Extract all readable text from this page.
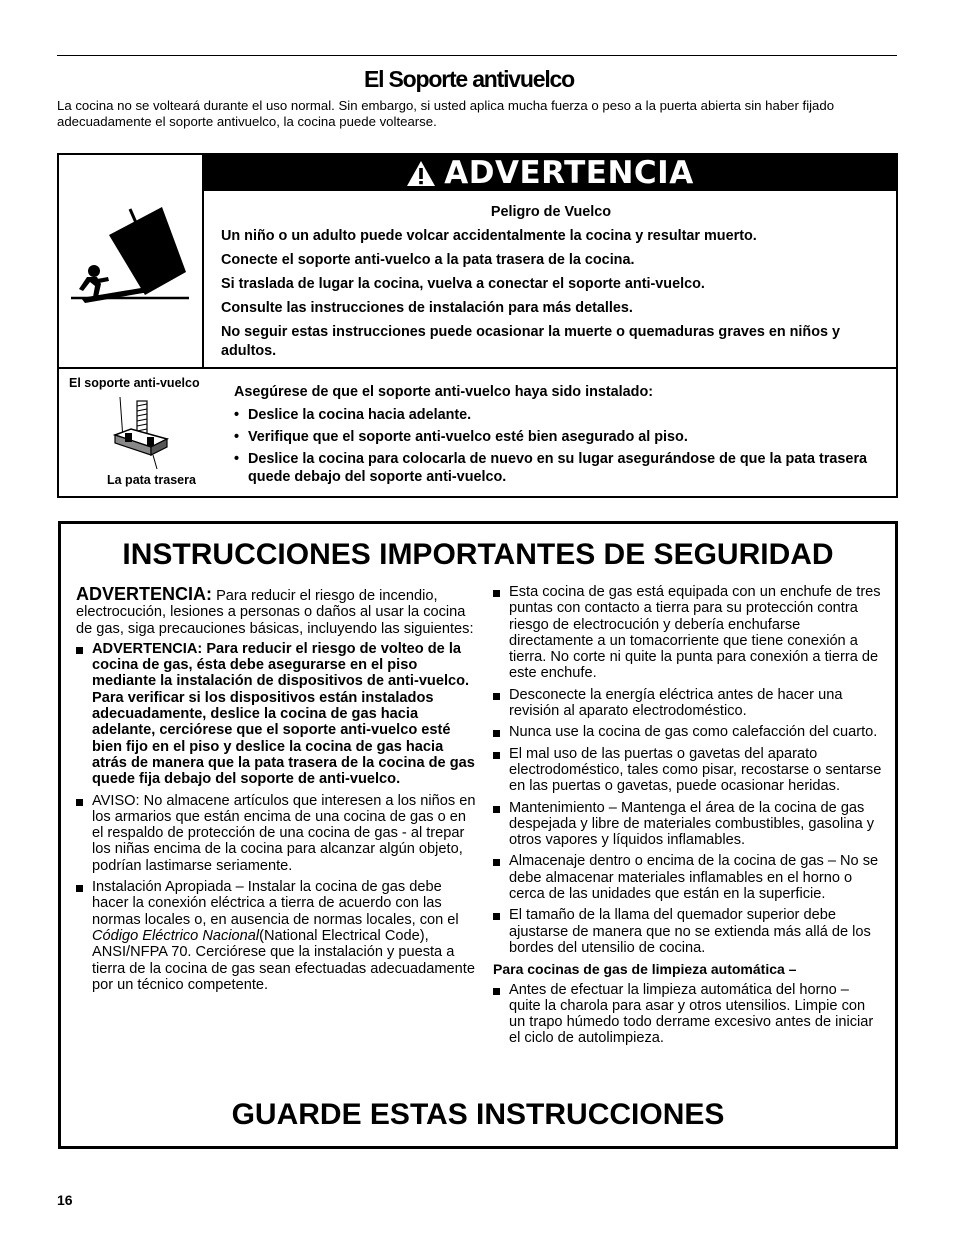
El Soporte antivuelco

La cocina no se volteará durante el uso normal. Sin embargo, si usted aplica mucha fuerza o peso a la puerta abierta sin haber fijado adecuadamente el soporte antivuelco, la cocina puede voltearse.

ADVERTENCIA

Peligro de Vuelco

Un niño o un adulto puede volcar accidentalmente la cocina y resultar muerto.

Conecte el soporte anti-vuelco a la pata trasera de la cocina.

Si traslada de lugar la cocina, vuelva a conectar el soporte anti-vuelco.

Consulte las instrucciones de instalación para más detalles.

No seguir estas instrucciones puede ocasionar la muerte o quemaduras graves en niños y adultos.

El soporte anti-vuelco
La pata trasera

Asegúrese de que el soporte anti-vuelco haya sido instalado:

• Deslice la cocina hacia adelante.
• Verifique que el soporte anti-vuelco esté bien asegurado al piso.
• Deslice la cocina para colocarla de nuevo en su lugar asegurándose de que la pata trasera quede debajo del soporte anti-vuelco.
INSTRUCCIONES IMPORTANTES DE SEGURIDAD

ADVERTENCIA: Para reducir el riesgo de incendio, electrocución, lesiones a personas o daños al usar la cocina de gas, siga precauciones básicas, incluyendo las siguientes:

ADVERTENCIA: Para reducir el riesgo de volteo de la cocina de gas, ésta debe asegurarse en el piso mediante la instalación de dispositivos de anti-vuelco. Para verificar si los dispositivos están instalados adecuadamente, deslice la cocina de gas hacia adelante, cerciórese que el soporte anti-vuelco esté bien fijo en el piso y deslice la cocina de gas hacia atrás de manera que la pata trasera de la cocina de gas quede fija debajo del soporte de anti-vuelco.
AVISO: No almacene artículos que interesen a los niños en los armarios que están encima de una cocina de gas o en el respaldo de protección de una cocina de gas - al trepar los niñas encima de la cocina para alcanzar algún objeto, podrían lastimarse seriamente.
Instalación Apropiada – Instalar la cocina de gas debe hacer la conexión eléctrica a tierra de acuerdo con las normas locales o, en ausencia de normas locales, con el Código Eléctrico Nacional(National Electrical Code), ANSI/NFPA 70. Cerciórese que la instalación y puesta a tierra de la cocina de gas sean efectuadas adecuadamente por un técnico competente.
Esta cocina de gas está equipada con un enchufe de tres puntas con contacto a tierra para su protección contra riesgo de electrocución y debería enchufarse directamente a un tomacorriente que tiene conexión a tierra. No corte ni quite la punta para conexión a tierra de este enchufe.
Desconecte la energía eléctrica antes de hacer una revisión al aparato electrodoméstico.
Nunca use la cocina de gas como calefacción del cuarto.
El mal uso de las puertas o gavetas del aparato electrodoméstico, tales como pisar, recostarse o sentarse en las puertas o gavetas, puede ocasionar heridas.
Mantenimiento – Mantenga el área de la cocina de gas despejada y libre de materiales combustibles, gasolina y otros vapores y líquidos inflamables.
Almacenaje dentro o encima de la cocina de gas – No se debe almacenar materiales inflamables en el horno o cerca de las unidades que están en la superficie.
El tamaño de la llama del quemador superior debe ajustarse de manera que no se extienda más allá de los bordes del utensilio de cocina.
Para cocinas de gas de limpieza automática –
Antes de efectuar la limpieza automática del horno – quite la charola para asar y otros utensilios. Limpie con un trapo húmedo todo derrame excesivo antes de iniciar el ciclo de autolimpieza.
GUARDE ESTAS INSTRUCCIONES
16
